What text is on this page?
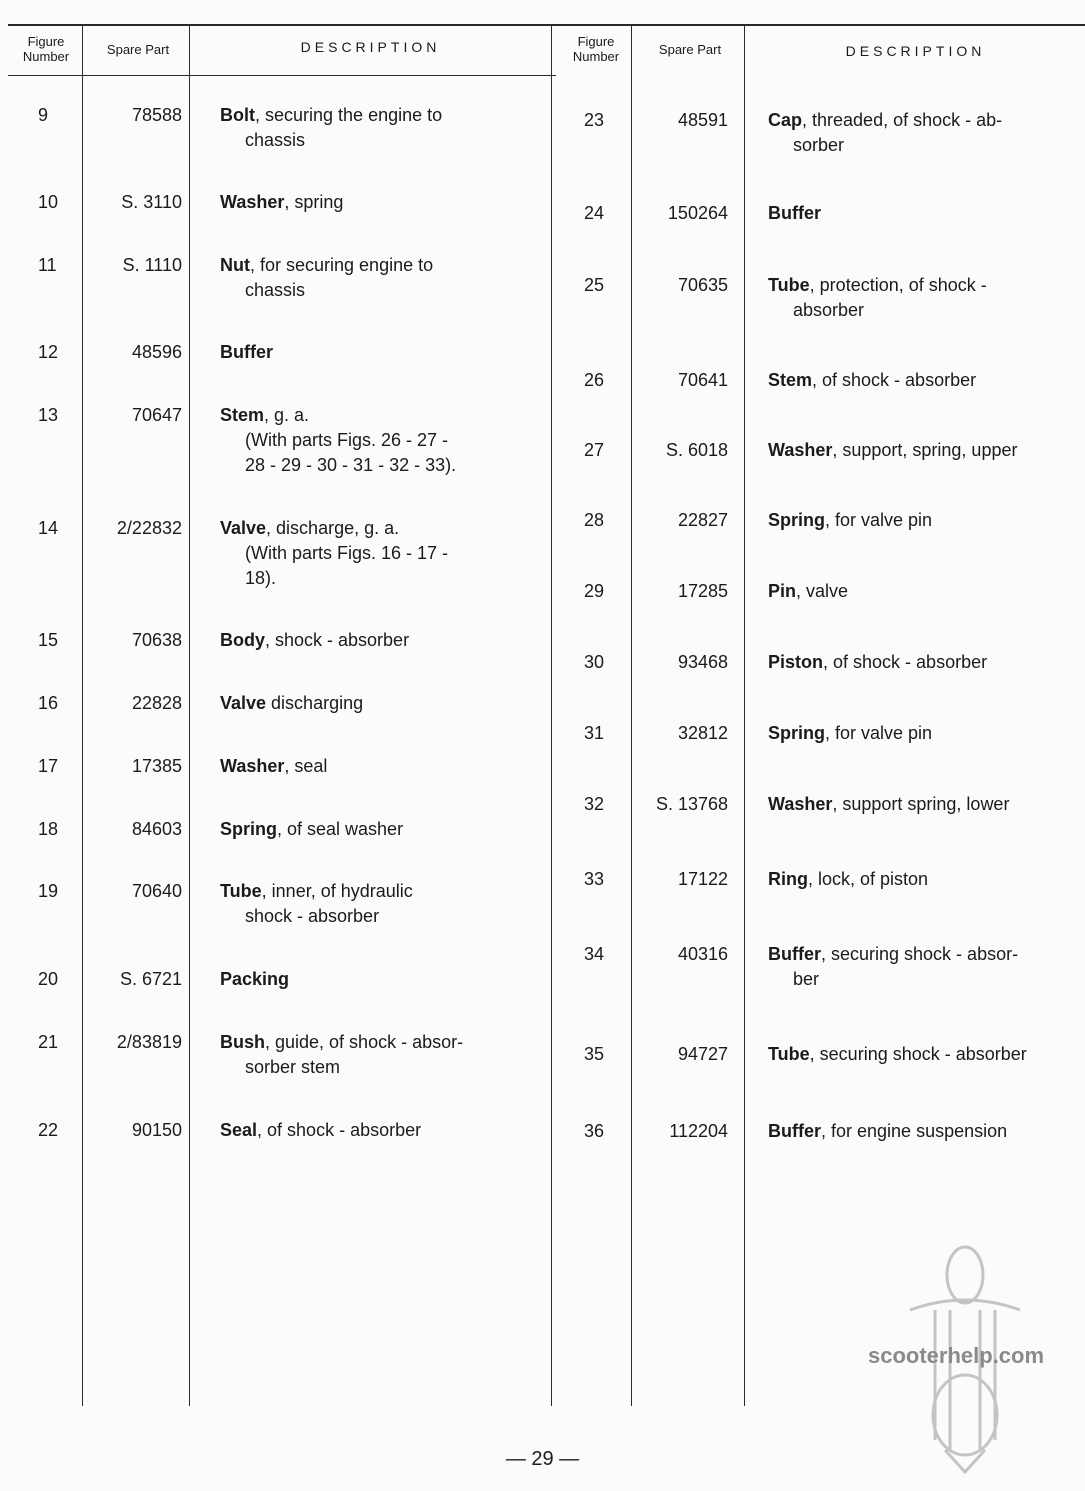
Figure
Number	Spare Part	DESCRIPTION	Figure
Number	Spare Part	DESCRIPTION
9	78588 Bolt, securing the engine to
chassis
10	S. 3110 Washer, spring
11	S. 1110 Nut, for securing engine to
chassis
12	48596 Buffer
13	70647 Stem, g. a.
(With parts Figs. 26 - 27 -
28 - 29 - 30 - 31 - 32 - 33).
14	2/22832 Valve, discharge, g. a.
(With parts Figs. 16 - 17 -
18).
15	70638 Body, shock - absorber
16	22828 Valve discharging
17	17385 Washer, seal
18	84603 Spring, of seal washer
19	70640 Tube, inner, of hydraulic
shock - absorber
20	S. 6721 Packing
21	2/83819 Bush, guide, of shock - absor-
sorber stem
22	90150 Seal, of shock - absorber
23	48591 Cap, threaded, of shock - ab-
sorber
24	150264 Buffer
25	70635 Tube, protection, of shock -
absorber
26	70641 Stem, of shock - absorber
27	S. 6018 Washer, support, spring, upper
28	22827 Spring, for valve pin
29	17285 Pin, valve
30	93468 Piston, of shock - absorber
31	32812 Spring, for valve pin
32	S. 13768 Washer, support spring, lower
33	17122 Ring, lock, of piston
34	40316 Buffer, securing shock - absor-
ber
35	94727 Tube, securing shock - absorber
36	112204 Buffer, for engine suspension
scooterhelp.com
— 29 —
